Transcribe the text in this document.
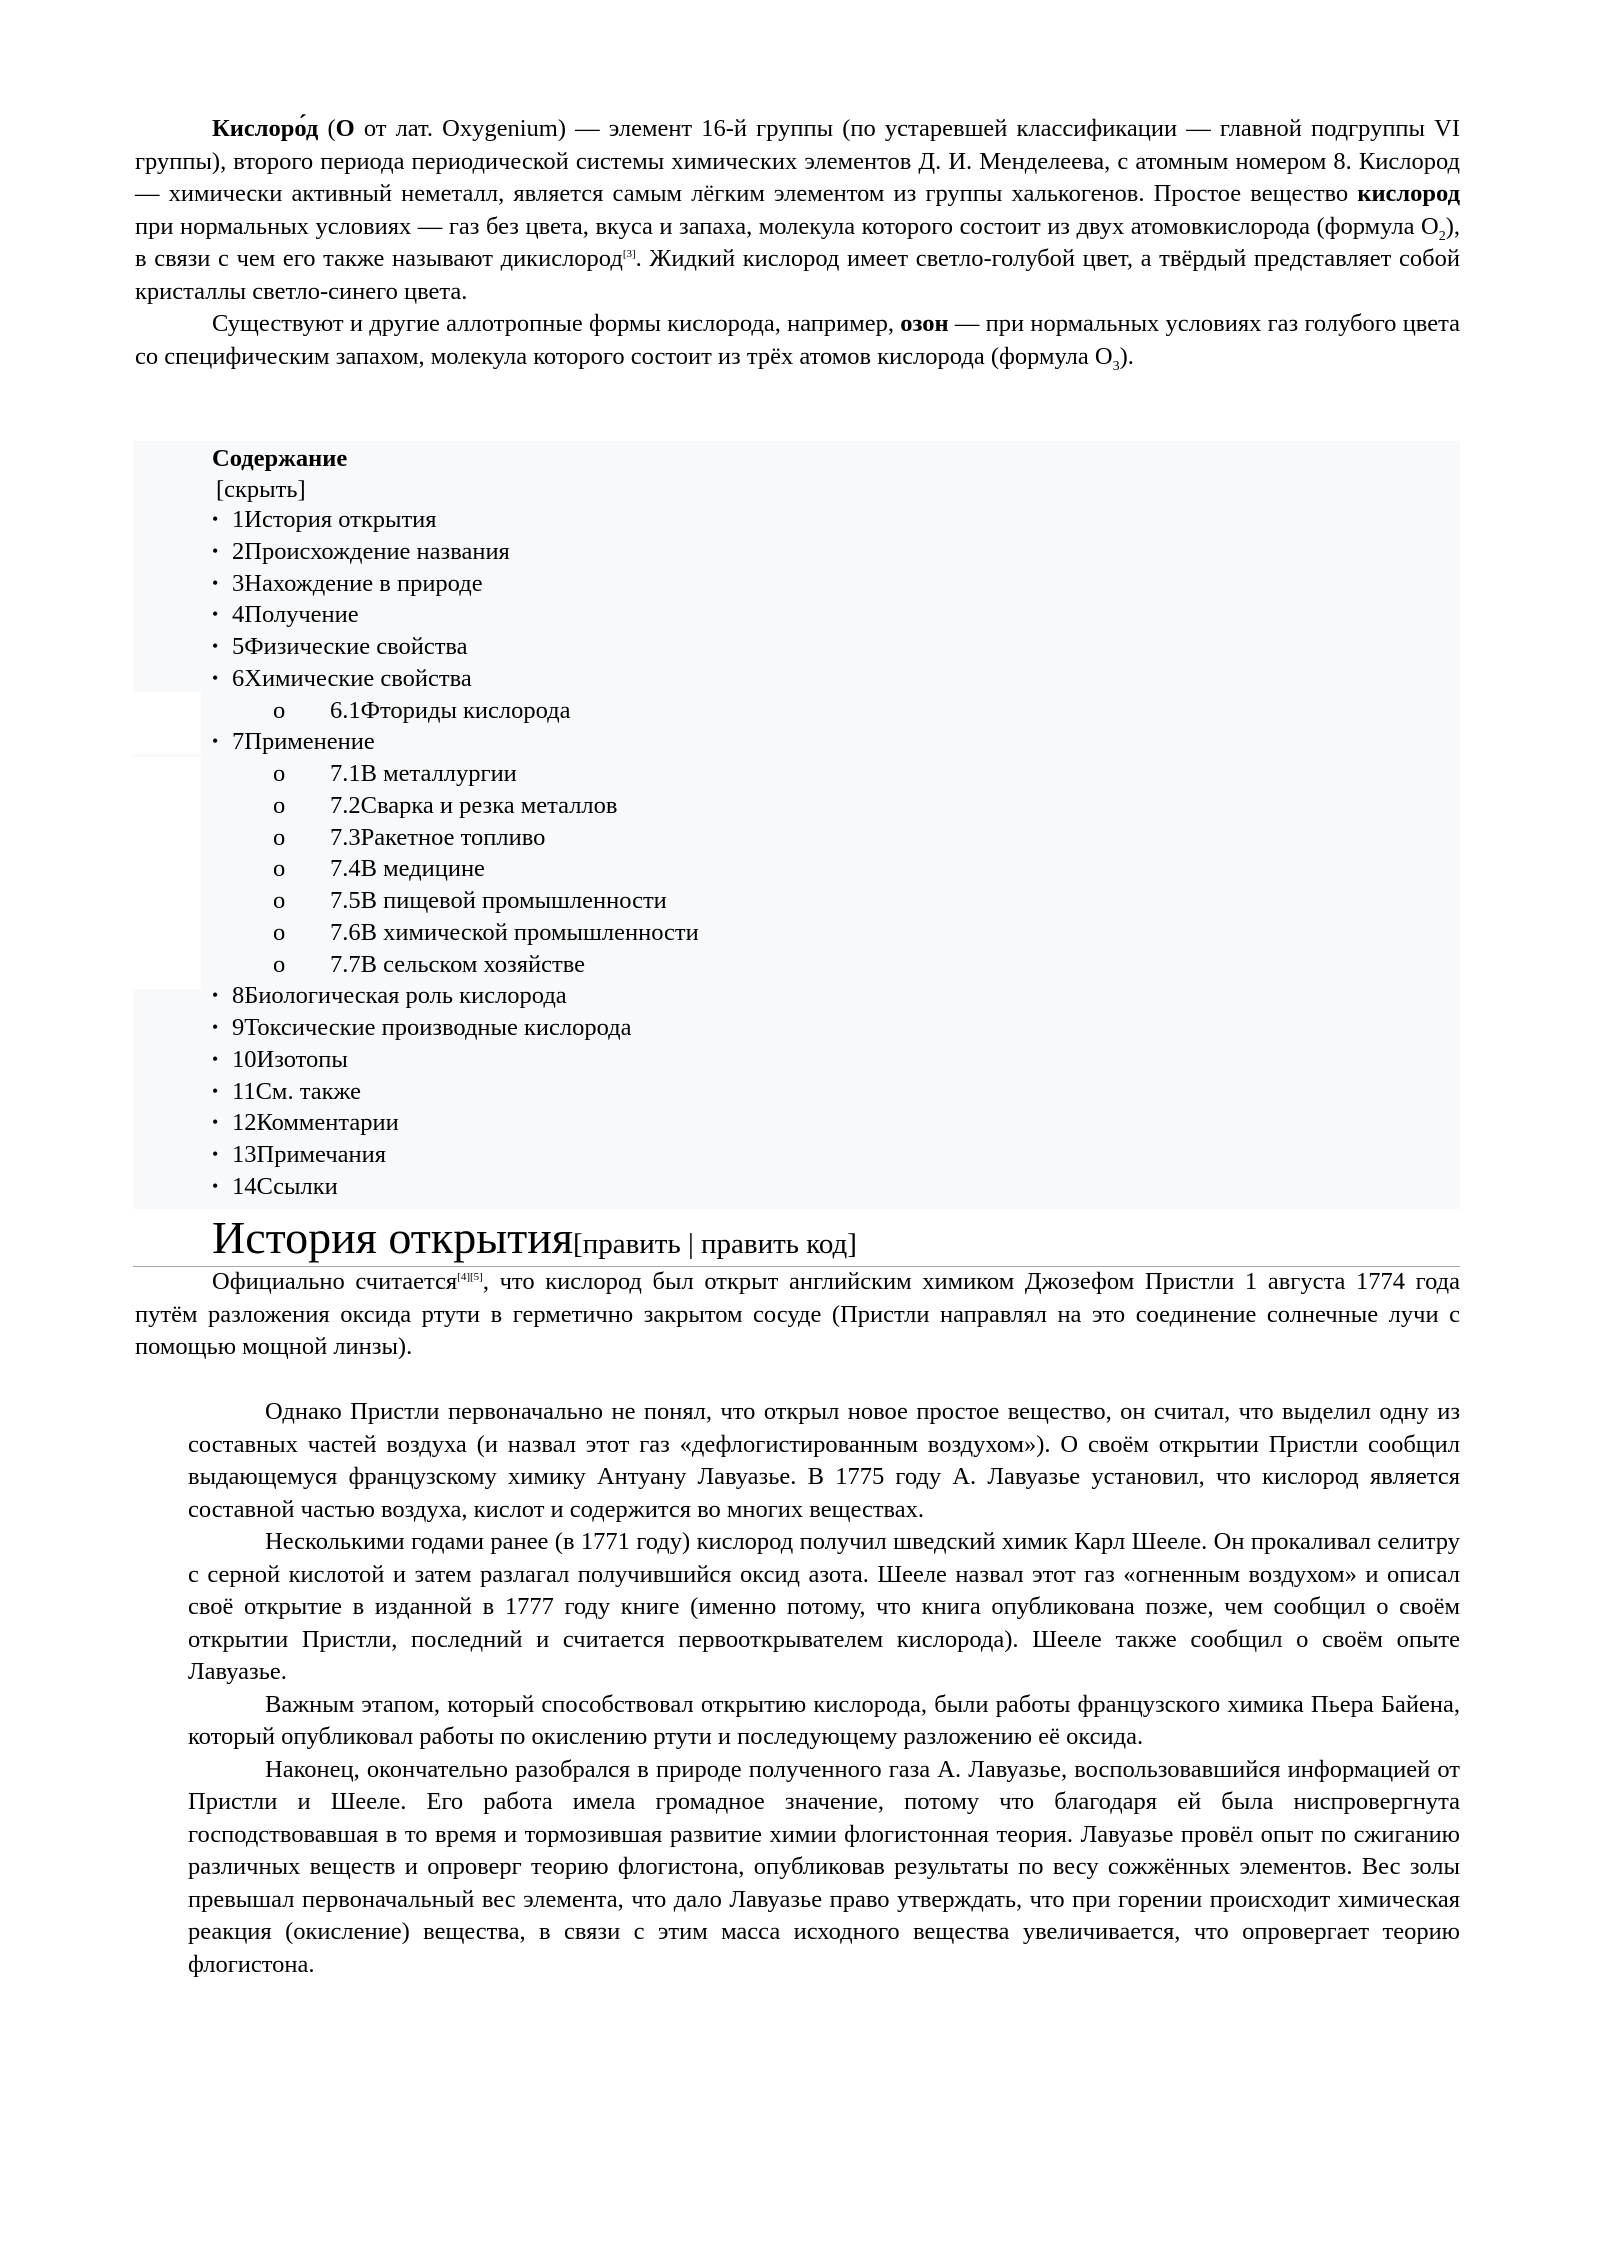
Кислоро́д (О от лат. Oxygenium) — элемент 16-й группы (по устаревшей классификации — главной подгруппы VI группы), второго периода периодической системы химических элементов Д. И. Менделеева, с атомным номером 8. Кислород — химически активный неметалл, является самым лёгким элементом из группы халькогенов. Простое вещество кислород при нормальных условиях — газ без цвета, вкуса и запаха, молекула которого состоит из двух атомовкислорода (формула $O_2$), в связи с чем его также называют дикислород[3]. Жидкий кислород имеет светло-голубой цвет, а твёрдый представляет собой кристаллы светло-синего цвета.

Существуют и другие аллотропные формы кислорода, например, озон — при нормальных условиях газ голубого цвета со специфическим запахом, молекула которого состоит из трёх атомов кислорода (формула $O_3$).

Содержание
[скрыть]
• 1История открытия
• 2Происхождение названия
• 3Нахождение в природе
• 4Получение
• 5Физические свойства
• 6Химические свойства
o 6.1Фториды кислорода
• 7Применение
o 7.1В металлургии
o 7.2Сварка и резка металлов
o 7.3Ракетное топливо
o 7.4В медицине
o 7.5В пищевой промышленности
o 7.6В химической промышленности
o 7.7В сельском хозяйстве
• 8Биологическая роль кислорода
• 9Токсические производные кислорода
• 10Изотопы
• 11См. также
• 12Комментарии
• 13Примечания
• 14Ссылки
История открытия[править | править код]

Официально считается[4][5], что кислород был открыт английским химиком Джозефом Пристли 1 августа 1774 года путём разложения оксида ртути в герметично закрытом сосуде (Пристли направлял на это соединение солнечные лучи с помощью мощной линзы).

Однако Пристли первоначально не понял, что открыл новое простое вещество, он считал, что выделил одну из составных частей воздуха (и назвал этот газ «дефлогистированным воздухом»). О своём открытии Пристли сообщил выдающемуся французскому химику Антуану Лавуазье. В 1775 году А. Лавуазье установил, что кислород является составной частью воздуха, кислот и содержится во многих веществах.

Несколькими годами ранее (в 1771 году) кислород получил шведский химик Карл Шееле. Он прокаливал селитру с серной кислотой и затем разлагал получившийся оксид азота. Шееле назвал этот газ «огненным воздухом» и описал своё открытие в изданной в 1777 году книге (именно потому, что книга опубликована позже, чем сообщил о своём открытии Пристли, последний и считается первооткрывателем кислорода). Шееле также сообщил о своём опыте Лавуазье.

Важным этапом, который способствовал открытию кислорода, были работы французского химика Пьера Байена, который опубликовал работы по окислению ртути и последующему разложению её оксида.

Наконец, окончательно разобрался в природе полученного газа А. Лавуазье, воспользовавшийся информацией от Пристли и Шееле. Его работа имела громадное значение, потому что благодаря ей была ниспровергнута господствовавшая в то время и тормозившая развитие химии флогистонная теория. Лавуазье провёл опыт по сжиганию различных веществ и опроверг теорию флогистона, опубликовав результаты по весу сожжённых элементов. Вес золы превышал первоначальный вес элемента, что дало Лавуазье право утверждать, что при горении происходит химическая реакция (окисление) вещества, в связи с этим масса исходного вещества увеличивается, что опровергает теорию флогистона.
